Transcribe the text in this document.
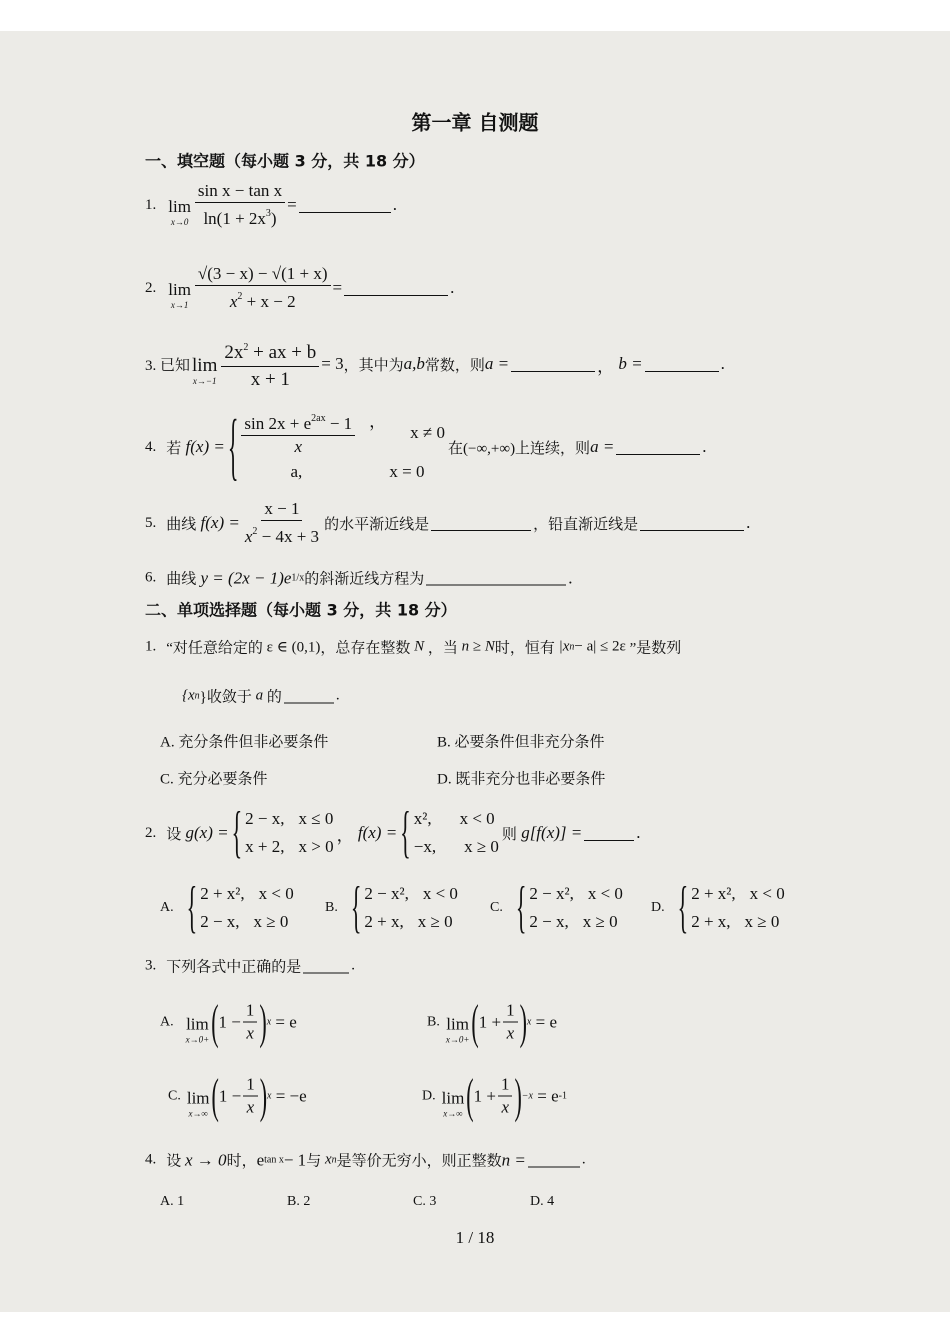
第一章 自测题
一、填空题（每小题 3 分，共 18 分）
1. lim
$x\to 0 \frac{\text{sin x − tan x}}{\ln(1 + 2x^3)}$ =	.
2. lim
$x\to 1 \frac{√(3 - x) - √(1 + x)}{x^2 + x - 2}$ =	.
3. 已知 lim
$x\to-1 \frac{2x^2 + ax + b}{x + 1} = 3$ ，其中为 a,b 常数，则 a =	，
b =	.
4. 若
f(x) = { $\frac{\sin 2x + e^{2ax} - 1}{x}$ ，
x ≠ 0
a,	x = 0
在(−∞,+∞)上连续，则 a =	.
5. 曲线
$f(x) = \frac{x - 1}{x^2 - 4x + 3}$ 的水平渐近线是	，铅直渐近线是	.
6. 曲线
y = (2x − 1)e 1/x 的斜渐近线方程为	.
二、单项选择题（每小题 3 分，共 18 分）
1. “对任意给定的
ε ∈ (0,1) ，总存在整数
N
，当
n ≥ N 时，恒有
|x n − a| ≤ 2ε
”是数列
{x n }收敛于
a
的	.
A. 充分条件但非必要条件	B. 必要条件但非充分条件
C. 充分必要条件	D. 既非充分也非必要条件
2. 设
g(x) = { 2 − x, x ≤ 0
x + 2, x > 0
，
f(x) = { x², x < 0
−x, x ≥ 0
则
g[f(x)] =	.
A. { 2 + x², x < 0
2 − x, x ≥ 0
B. { 2 − x², x < 0
2 + x, x ≥ 0
C. { 2 − x², x < 0
2 − x, x ≥ 0
D. { 2 + x², x < 0
2 + x, x ≥ 0
3. 下列各式中正确的是	.
A. lim
x→0+ ( $1 - \frac{1}{x}$ ) x
= e	B. lim
x→0+ ( $1 + \frac{1}{x}$ ) x
= e
C. lim
x→∞ ( $1 - \frac{1}{x}$ ) x
= −e	D. lim
x→∞ ( $1 + \frac{1}{x}$ ) −x
= e -1
4. 设
x → 0 时， e tan x − 1 与
x n 是等价无穷小，则正整数 n =	.
A. 1	B. 2	C. 3	D. 4
1 / 18
